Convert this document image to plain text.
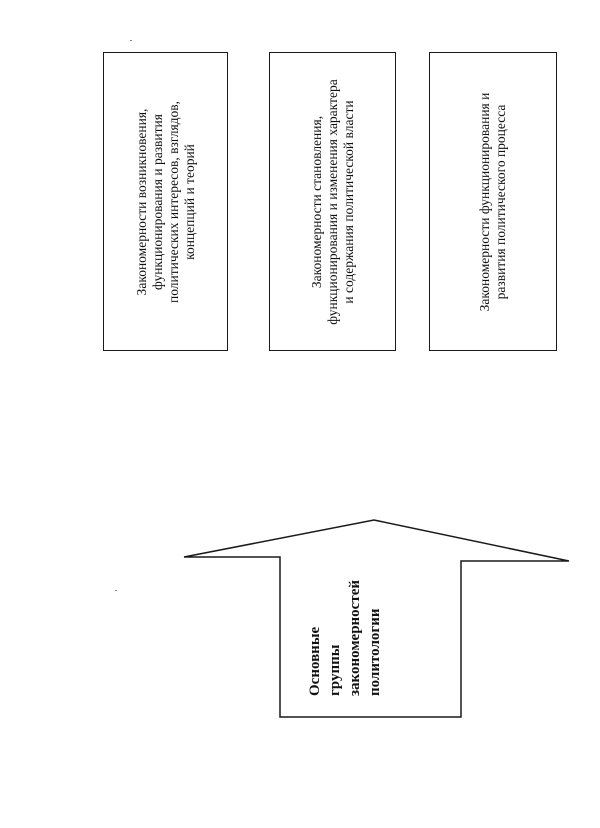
Закономерности возникновения, функционирования и развития политических интересов, взглядов, концепций и теорий	Закономерности становления, функционирования и изменения характера и содержания политической власти	Закономерности функционирования и развития политического процесса
Основные группы закономерностей политологии
